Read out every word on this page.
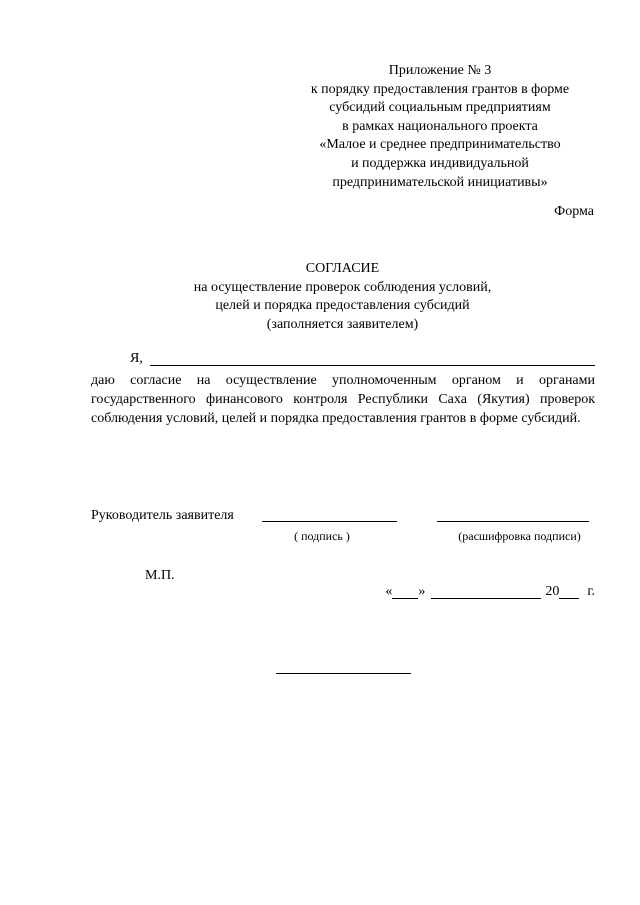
Приложение № 3
к порядку предоставления грантов в форме
субсидий социальным предприятиям
в рамках национального проекта
«Малое и среднее предпринимательство
и поддержка индивидуальной
предпринимательской инициативы»
Форма
СОГЛАСИЕ
на осуществление проверок соблюдения условий,
целей и порядка предоставления субсидий
(заполняется заявителем)
Я,
даю согласие на осуществление уполномоченным органом и органами государственного финансового контроля Республики Саха (Якутия) проверок соблюдения условий, целей и порядка предоставления грантов в форме субсидий.
Руководитель заявителя
( подпись )	(расшифровка подписи)
М.П.
« »	20 г.
